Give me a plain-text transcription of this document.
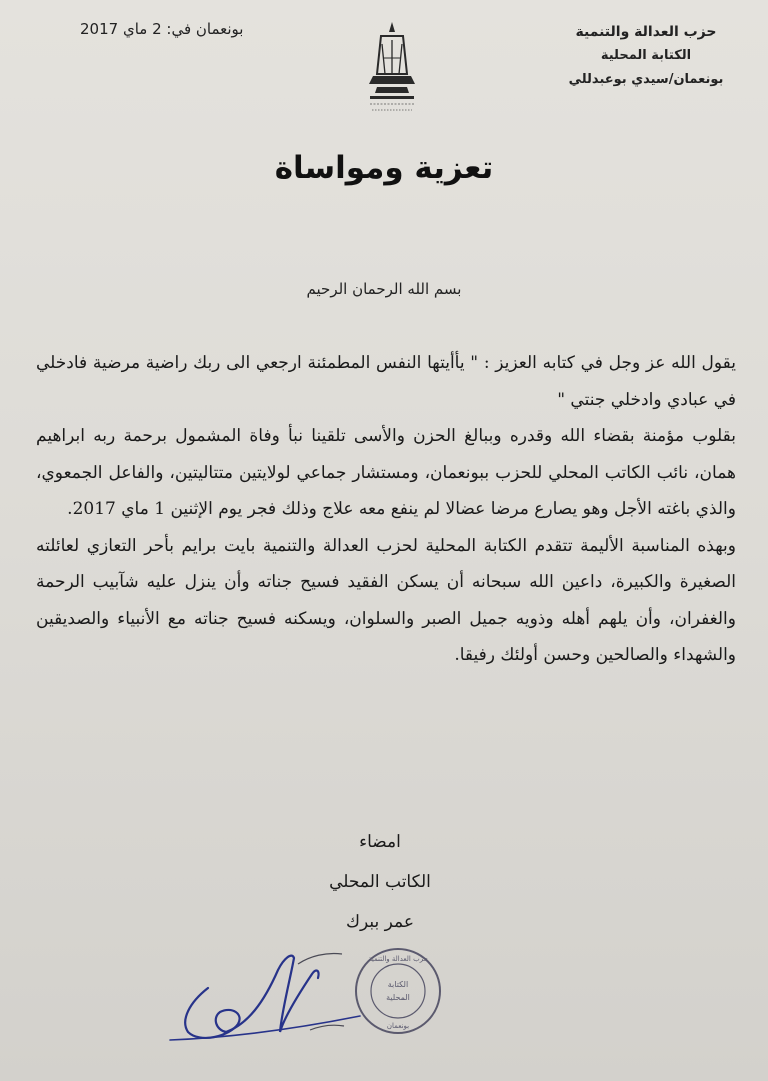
حزب العدالة والتنمية
الكتابة المحلية
بونعمان/سيدي بوعبدللي
بونعمان في: 2 ماي 2017
تعزية ومواساة
بسم الله الرحمان الرحيم

يقول الله عز وجل في كتابه العزيز : " يأأيتها النفس المطمئنة ارجعي الى ربك راضية مرضية فادخلي في عبادي وادخلي جنتي "

بقلوب مؤمنة بقضاء الله وقدره وببالغ الحزن والأسى تلقينا نبأ وفاة المشمول برحمة ربه ابراهيم همان، نائب الكاتب المحلي للحزب ببونعمان، ومستشار جماعي لولايتين متتاليتين، والفاعل الجمعوي، والذي باغته الأجل وهو يصارع مرضا عضالا لم ينفع معه علاج وذلك فجر يوم الإثنين 1 ماي 2017.

وبهذه المناسبة الأليمة تتقدم الكتابة المحلية لحزب العدالة والتنمية بايت برايم بأحر التعازي لعائلته الصغيرة والكبيرة، داعين الله سبحانه أن يسكن الفقيد فسيح جناته وأن ينزل عليه شآبيب الرحمة والغفران، وأن يلهم أهله وذويه جميل الصبر والسلوان، ويسكنه فسيح جناته مع الأنبياء والصديقين والشهداء والصالحين وحسن أولئك رفيقا.

امضاء
الكاتب المحلي
عمر ببرك
حزب العدالة والتنمية
الكتابة
المحلية
بونعمان
